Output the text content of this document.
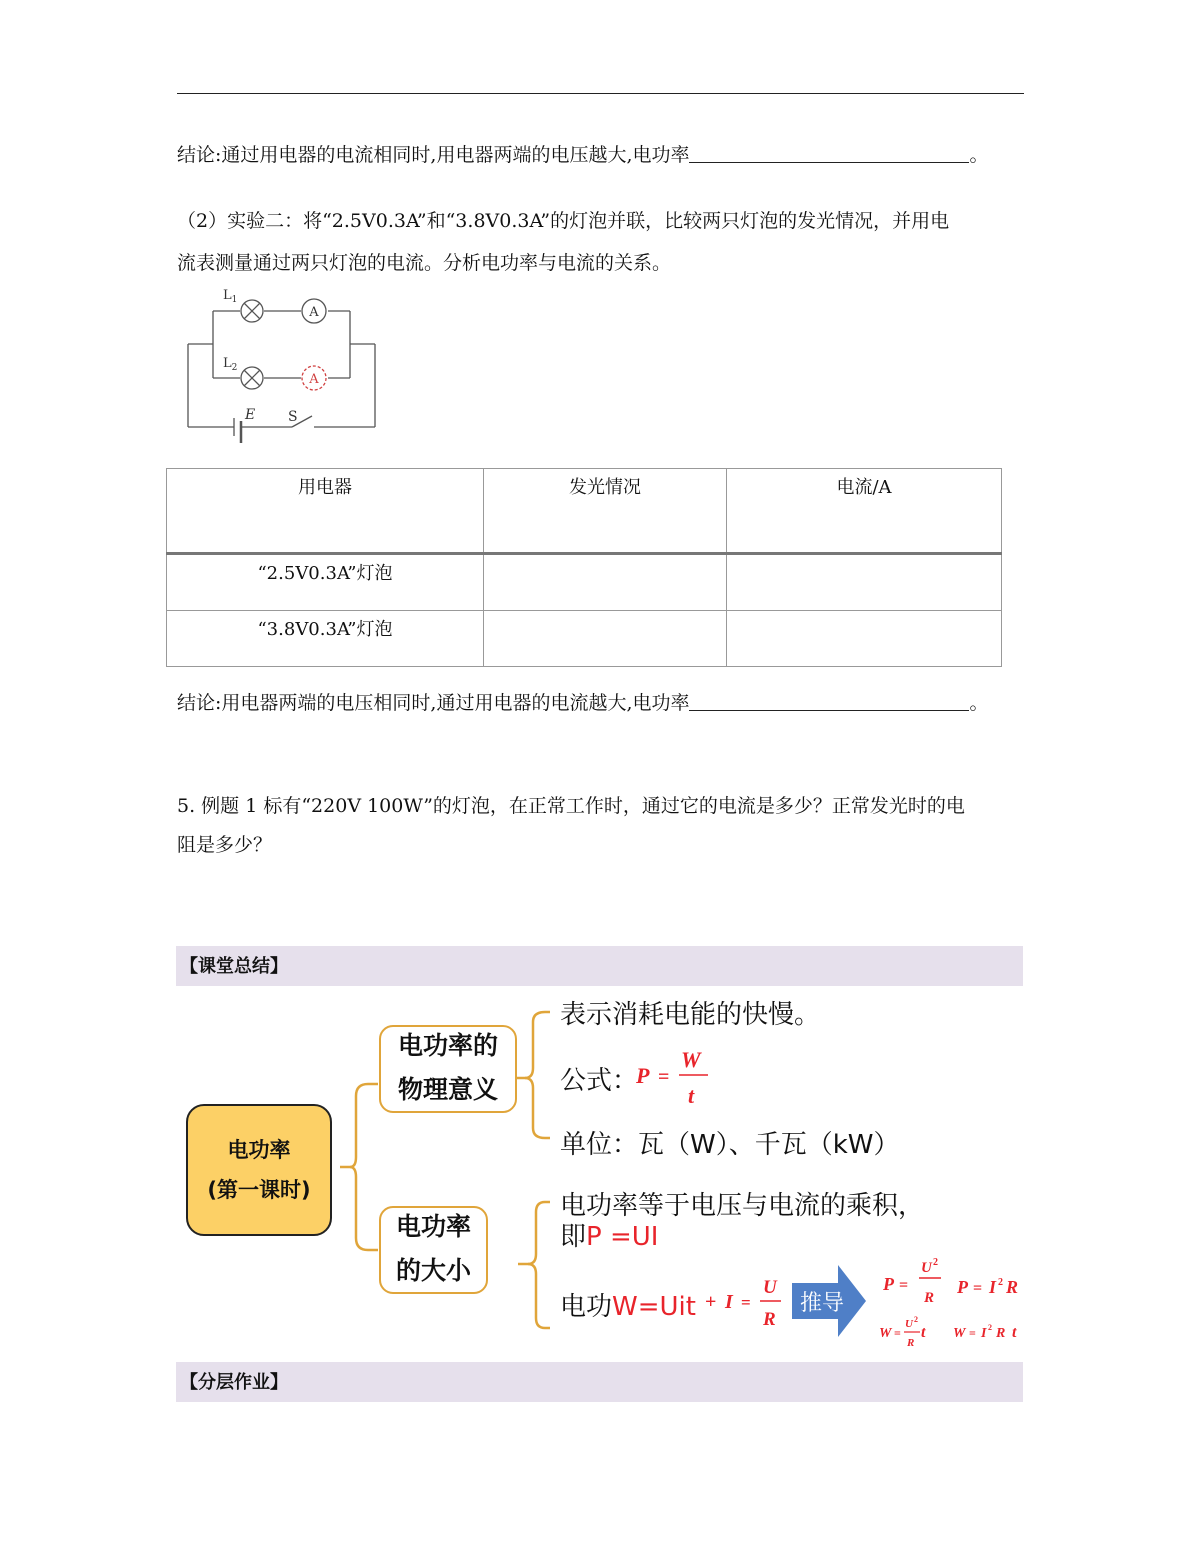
结论:通过用电器的电流相同时,用电器两端的电压越大,电功率	。
（2）实验二：将“2.5V0.3A”和“3.8V0.3A”的灯泡并联，比较两只灯泡的发光情况，并用电
流表测量通过两只灯泡的电流。分析电功率与电流的关系。
A
A
$L_1$
$L_2$
E S
用电器	发光情况	电流/A
“2.5V0.3A”灯泡		
“3.8V0.3A”灯泡		
结论:用电器两端的电压相同时,通过用电器的电流越大,电功率	。
5. 例题 1 标有“220V 100W”的灯泡，在正常工作时，通过它的电流是多少？正常发光时的电
阻是多少？
【课堂总结】
电功率
(第一课时)
电功率的
物理意义
电功率
的大小
表示消耗电能的快慢。
公式：
P =
W
t
单位：瓦（W）、千瓦（kW）
电功率等于电压与电流的乘积，
即P =UI
电功W=Uit + I =
U
R
推导
P =
U 2
R
P = I 2 R
W =
U 2
R
t W = I 2 R t
【分层作业】
